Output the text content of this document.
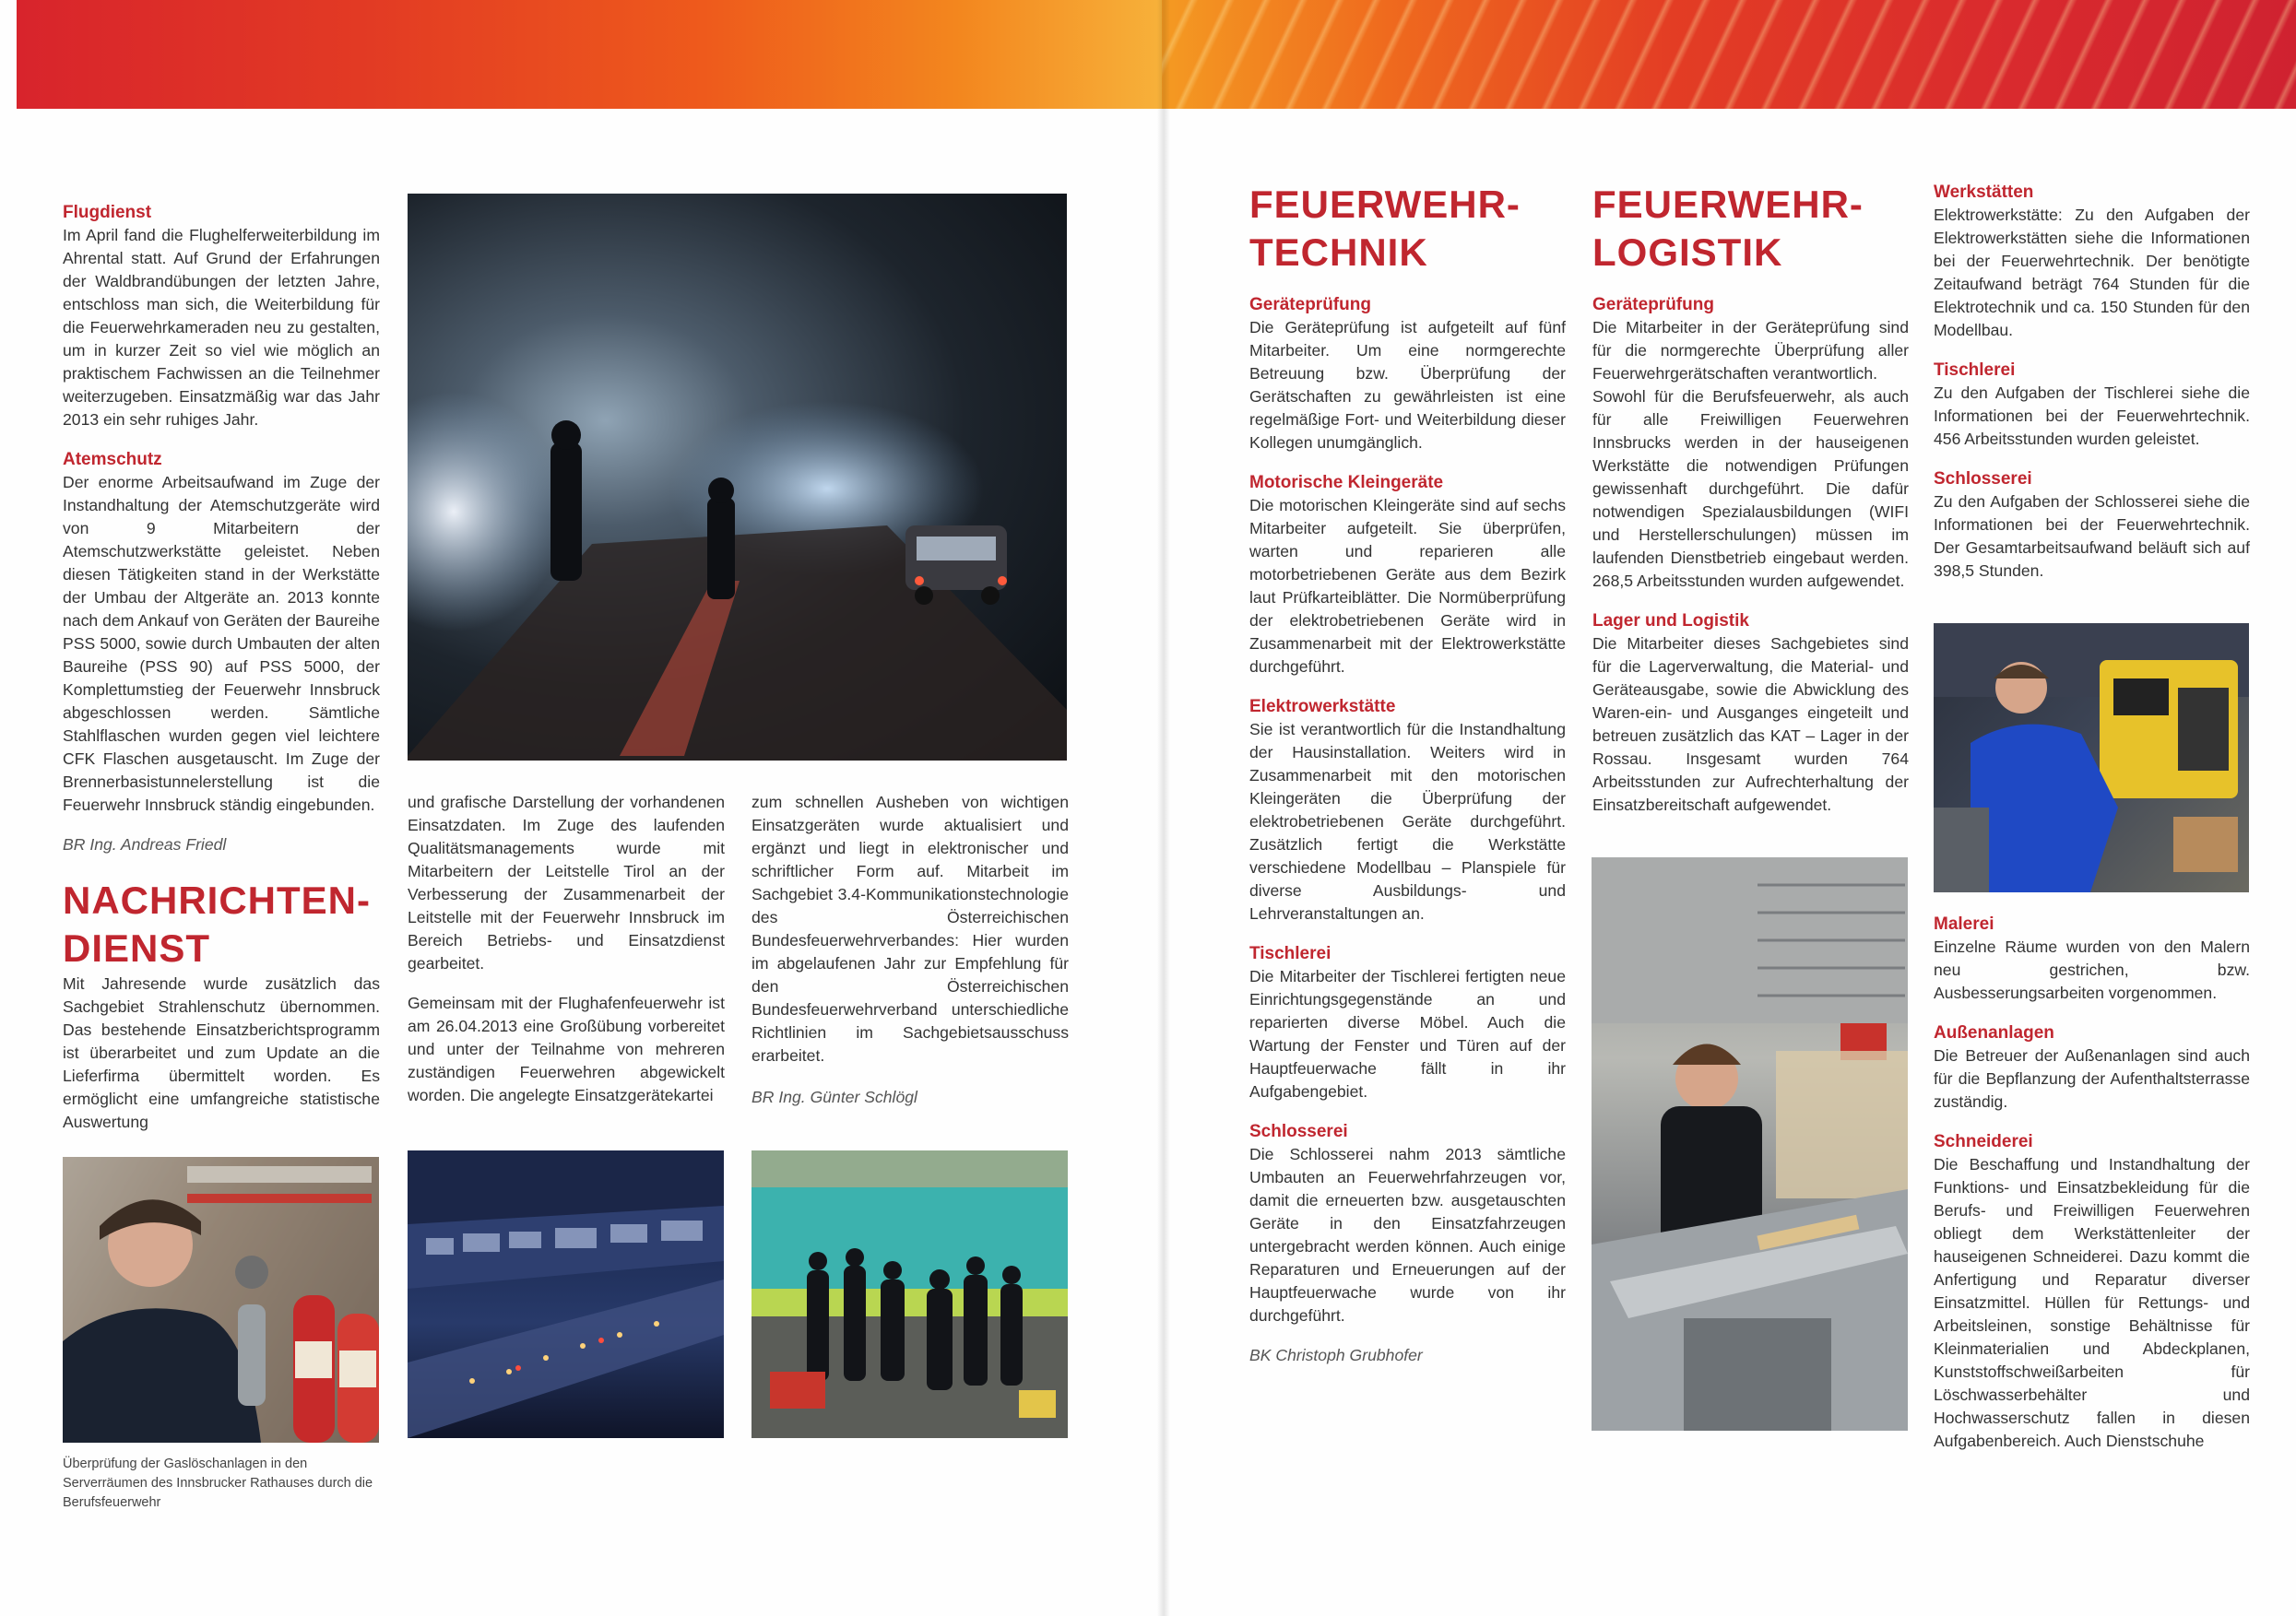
Flugdienst

Im April fand die Flughelferweiterbildung im Ahrental statt. Auf Grund der Erfahrungen der Waldbrandübungen der letzten Jahre, entschloss man sich, die Weiterbildung für die Feuerwehrkameraden neu zu gestalten, um in kurzer Zeit so viel wie möglich an praktischem Fachwissen an die Teilnehmer weiterzugeben. Einsatzmäßig war das Jahr 2013 ein sehr ruhiges Jahr.

Atemschutz

Der enorme Arbeitsaufwand im Zuge der Instandhaltung der Atemschutzgeräte wird von 9 Mitarbeitern der Atemschutzwerkstätte geleistet. Neben diesen Tätigkeiten stand in der Werkstätte der Umbau der Altgeräte an. 2013 konnte nach dem Ankauf von Geräten der Baureihe PSS 5000, sowie durch Umbauten der alten Baureihe (PSS 90) auf PSS 5000, der Komplettumstieg der Feuerwehr Innsbruck abgeschlossen werden. Sämtliche Stahlflaschen wurden gegen viel leichtere CFK Flaschen ausgetauscht. Im Zuge der Brennerbasistunnelerstellung ist die Feuerwehr Innsbruck ständig eingebunden.

BR Ing. Andreas Friedl

NACHRICHTEN-
DIENST

Mit Jahresende wurde zusätzlich das Sachgebiet Strahlenschutz übernommen. Das bestehende Einsatzberichtsprogramm ist überarbeitet und zum Update an die Lieferfirma übermittelt worden. Es ermöglicht eine umfangreiche statistische Auswertung

und grafische Darstellung der vorhandenen Einsatzdaten. Im Zuge des laufenden Qualitätsmanagements wurde mit Mitarbeitern der Leitstelle Tirol an der Verbesserung der Zusammenarbeit der Leitstelle mit der Feuerwehr Innsbruck im Bereich Betriebs- und Einsatzdienst gearbeitet.

Gemeinsam mit der Flughafenfeuerwehr ist am 26.04.2013 eine Großübung vorbereitet und unter der Teilnahme von mehreren zuständigen Feuerwehren abgewickelt worden. Die angelegte Einsatzgerätekartei

zum schnellen Ausheben von wichtigen Einsatzgeräten wurde aktualisiert und ergänzt und liegt in elektronischer und schriftlicher Form auf. Mitarbeit im Sachgebiet 3.4-Kommunikationstechnologie des Österreichischen Bundesfeuerwehrverbandes: Hier wurden im abgelaufenen Jahr zur Empfehlung für den Österreichischen Bundesfeuerwehrverband unterschiedliche Richtlinien im Sachgebietsausschuss erarbeitet.

BR Ing. Günter Schlögl

Überprüfung der Gaslöschanlagen in den Serverräumen des Innsbrucker Rathauses durch die Berufsfeuerwehr
FEUERWEHR-
TECHNIK
Geräteprüfung

Die Geräteprüfung ist aufgeteilt auf fünf Mitarbeiter. Um eine normgerechte Betreuung bzw. Überprüfung der Gerätschaften zu gewährleisten ist eine regelmäßige Fort- und Weiterbildung dieser Kollegen unumgänglich.

Motorische Kleingeräte

Die motorischen Kleingeräte sind auf sechs Mitarbeiter aufgeteilt. Sie überprüfen, warten und reparieren alle motorbetriebenen Geräte aus dem Bezirk laut Prüfkarteiblätter. Die Normüberprüfung der elektrobetriebenen Geräte wird in Zusammenarbeit mit der Elektrowerkstätte durchgeführt.

Elektrowerkstätte

Sie ist verantwortlich für die Instandhaltung der Hausinstallation. Weiters wird in Zusammenarbeit mit den motorischen Kleingeräten die Überprüfung der elektrobetriebenen Geräte durchgeführt. Zusätzlich fertigt die Werkstätte verschiedene Modellbau – Planspiele für diverse Ausbildungs- und Lehrveranstaltungen an.

Tischlerei

Die Mitarbeiter der Tischlerei fertigten neue Einrichtungsgegenstände an und reparierten diverse Möbel. Auch die Wartung der Fenster und Türen auf der Hauptfeuerwache fällt in ihr Aufgabengebiet.

Schlosserei

Die Schlosserei nahm 2013 sämtliche Umbauten an Feuerwehrfahrzeugen vor, damit die erneuerten bzw. ausgetauschten Geräte in den Einsatzfahrzeugen untergebracht werden können. Auch einige Reparaturen und Erneuerungen auf der Hauptfeuerwache wurde von ihr durchgeführt.

BK Christoph Grubhofer

FEUERWEHR-
LOGISTIK
Geräteprüfung

Die Mitarbeiter in der Geräteprüfung sind für die normgerechte Überprüfung aller Feuerwehrgerätschaften verantwortlich.

Sowohl für die Berufsfeuerwehr, als auch für alle Freiwilligen Feuerwehren Innsbrucks werden in der hauseigenen Werkstätte die notwendigen Prüfungen gewissenhaft durchgeführt. Die dafür notwendigen Spezialausbildungen (WIFI und Herstellerschulungen) müssen im laufenden Dienstbetrieb eingebaut werden. 268,5 Arbeitsstunden wurden aufgewendet.

Lager und Logistik

Die Mitarbeiter dieses Sachgebietes sind für die Lagerverwaltung, die Material- und Geräteausgabe, sowie die Abwicklung des Waren-ein- und Ausganges eingeteilt und betreuen zusätzlich das KAT – Lager in der Rossau. Insgesamt wurden 764 Arbeitsstunden zur Aufrechterhaltung der Einsatzbereitschaft aufgewendet.

Werkstätten

Elektrowerkstätte: Zu den Aufgaben der Elektrowerkstätten siehe die Informationen bei der Feuerwehrtechnik. Der benötigte Zeitaufwand beträgt 764 Stunden für die Elektrotechnik und ca. 150 Stunden für den Modellbau.

Tischlerei

Zu den Aufgaben der Tischlerei siehe die Informationen bei der Feuerwehrtechnik. 456 Arbeitsstunden wurden geleistet.

Schlosserei

Zu den Aufgaben der Schlosserei siehe die Informationen bei der Feuerwehrtechnik. Der Gesamtarbeitsaufwand beläuft sich auf 398,5 Stunden.

Malerei

Einzelne Räume wurden von den Malern neu gestrichen, bzw. Ausbesserungsarbeiten vorgenommen.

Außenanlagen

Die Betreuer der Außenanlagen sind auch für die Bepflanzung der Aufenthaltsterrasse zuständig.

Schneiderei

Die Beschaffung und Instandhaltung der Funktions- und Einsatzbekleidung für die Berufs- und Freiwilligen Feuerwehren obliegt dem Werkstättenleiter der hauseigenen Schneiderei. Dazu kommt die Anfertigung und Reparatur diverser Einsatzmittel. Hüllen für Rettungs- und Arbeitsleinen, sonstige Behältnisse für Kleinmaterialien und Abdeckplanen, Kunststoffschweißarbeiten für Löschwasserbehälter und Hochwasserschutz fallen in diesen Aufgabenbereich. Auch Dienstschuhe
